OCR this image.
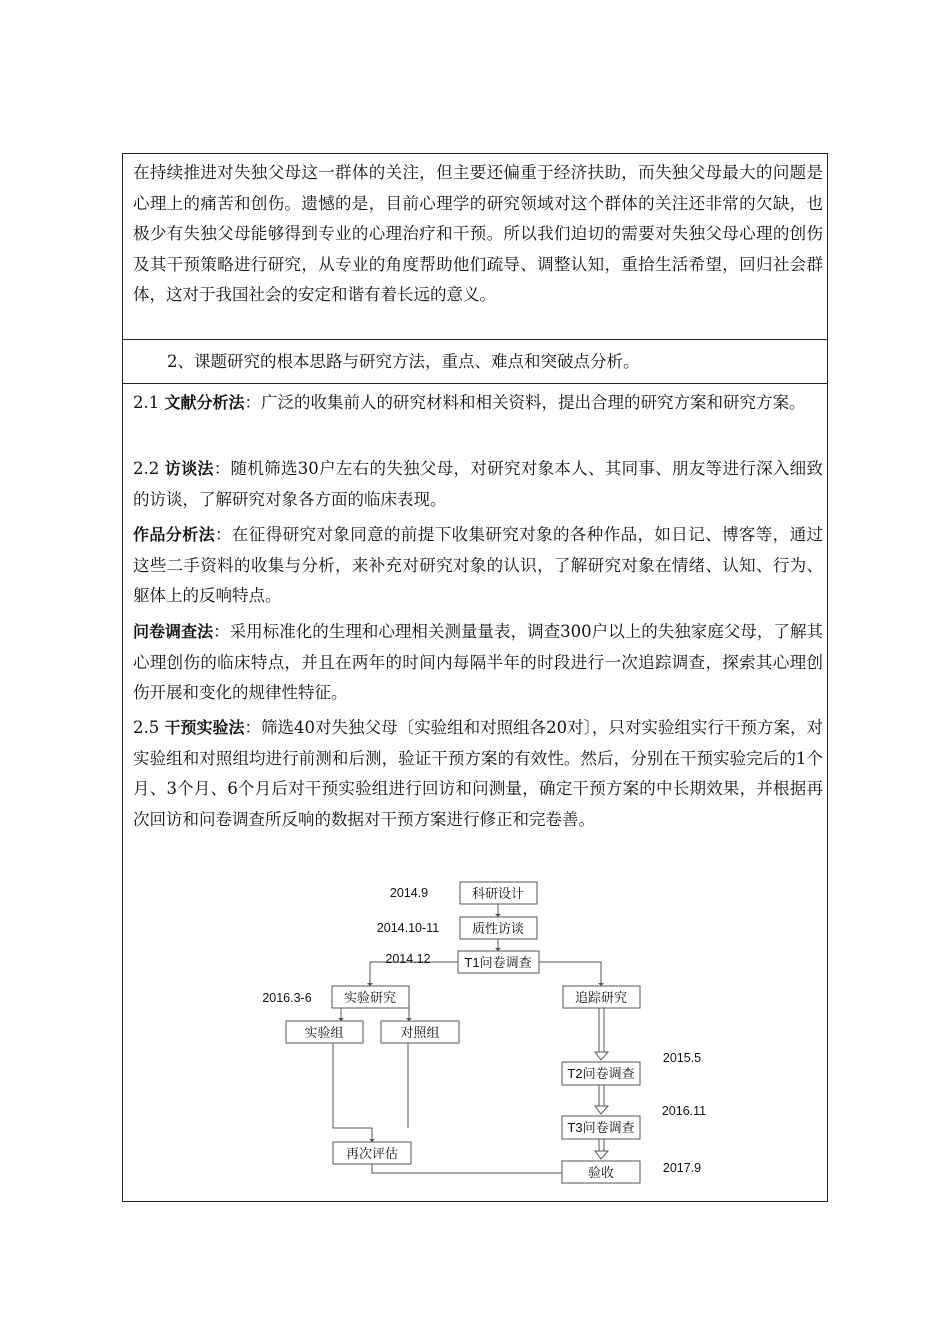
在持续推进对失独父母这一群体的关注，但主要还偏重于经济扶助，而失独父母最大的问题是心理上的痛苦和创伤。遗憾的是，目前心理学的研究领域对这个群体的关注还非常的欠缺，也极少有失独父母能够得到专业的心理治疗和干预。所以我们迫切的需要对失独父母心理的创伤及其干预策略进行研究，从专业的角度帮助他们疏导、调整认知，重拾生活希望，回归社会群体，这对于我国社会的安定和谐有着长远的意义。

2、课题研究的根本思路与研究方法，重点、难点和突破点分析。

2.1 文献分析法：广泛的收集前人的研究材料和相关资料，提出合理的研究方案和研究方案。

2.2 访谈法：随机筛选30户左右的失独父母，对研究对象本人、其同事、朋友等进行深入细致的访谈，了解研究对象各方面的临床表现。

作品分析法：在征得研究对象同意的前提下收集研究对象的各种作品，如日记、博客等，通过这些二手资料的收集与分析，来补充对研究对象的认识，了解研究对象在情绪、认知、行为、躯体上的反响特点。

问卷调查法：采用标准化的生理和心理相关测量量表，调查300户以上的失独家庭父母，了解其心理创伤的临床特点，并且在两年的时间内每隔半年的时段进行一次追踪调查，探索其心理创伤开展和变化的规律性特征。

2.5 干预实验法：筛选40对失独父母〔实验组和对照组各20对〕，只对实验组实行干预方案，对实验组和对照组均进行前测和后测，验证干预方案的有效性。然后，分别在干预实验完后的1个月、3个月、6个月后对干预实验组进行回访和问测量，确定干预方案的中长期效果，并根据再次回访和问卷调查所反响的数据对干预方案进行修正和完卷善。

科研设计
质性访谈
T1问卷调查
实验研究	追踪研究
实验组	对照组
T2问卷调查
T3问卷调查
再次评估
验收
2014.9
2014.10-11
2014.12
2016.3-6
2015.5
2016.11
2017.9
